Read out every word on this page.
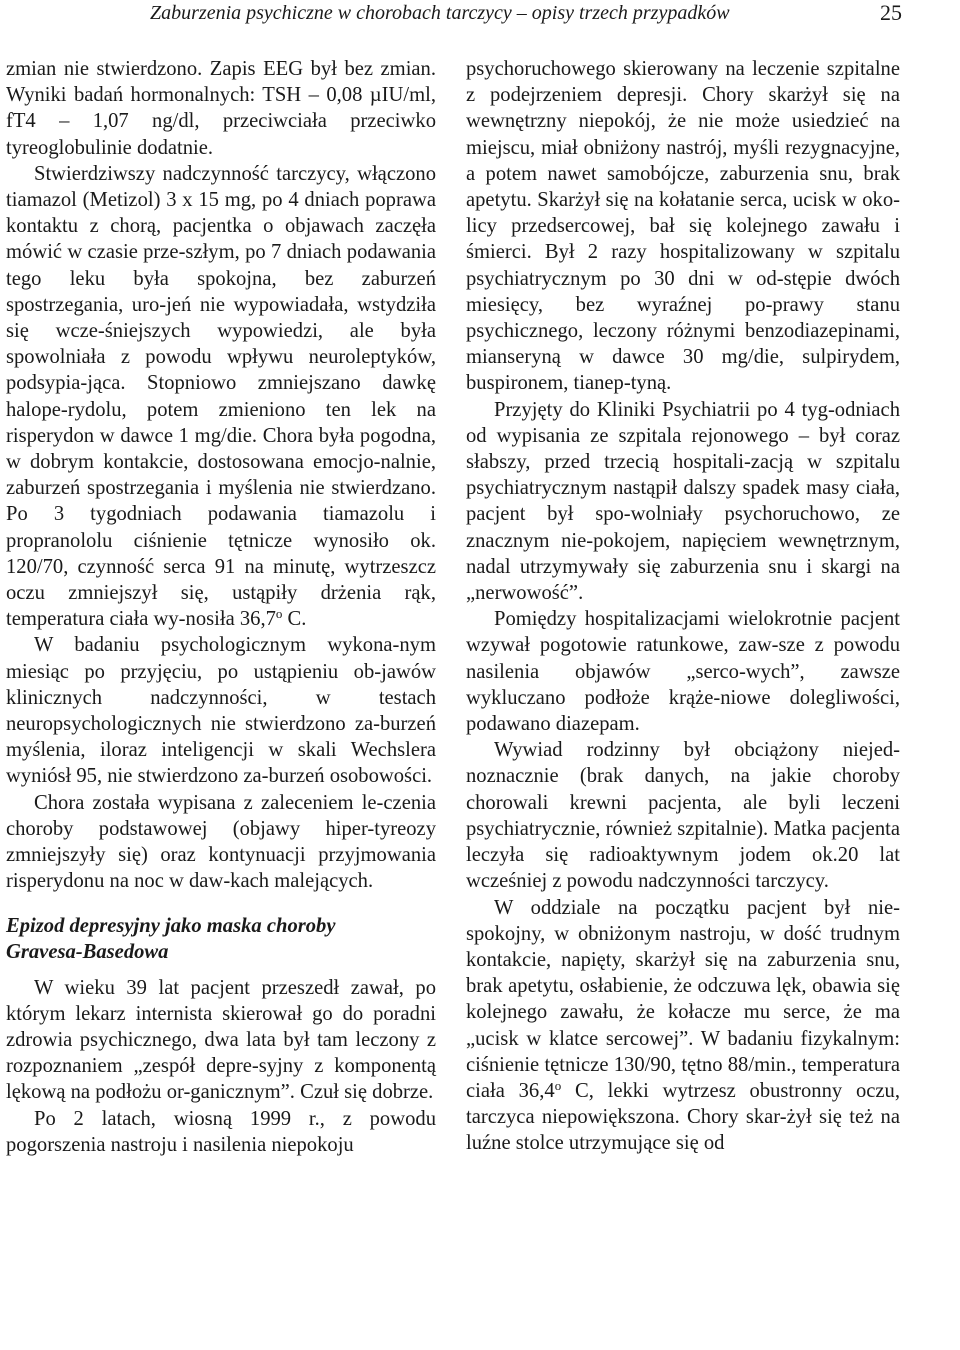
Zaburzenia psychiczne w chorobach tarczycy – opisy trzech przypadków	25

zmian nie stwierdzono. Zapis EEG był bez zmian. Wyniki badań hormonalnych: TSH – 0,08 µIU/ml, fT4 – 1,07 ng/dl, przeciwciała przeciwko tyreoglobulinie dodatnie.

Stwierdziwszy nadczynność tarczycy, włączono tiamazol (Metizol) 3 x 15 mg, po 4 dniach poprawa kontaktu z chorą, pacjentka o objawach zaczęła mówić w czasie prze-szłym, po 7 dniach podawania tego leku była spokojna, bez zaburzeń spostrzegania, uro-jeń nie wypowiadała, wstydziła się wcze-śniejszych wypowiedzi, ale była spowolniała z powodu wpływu neuroleptyków, podsypia-jąca. Stopniowo zmniejszano dawkę halope-rydolu, potem zmieniono ten lek na risperydon w dawce 1 mg/die. Chora była pogodna, w dobrym kontakcie, dostosowana emocjo-nalnie, zaburzeń spostrzegania i myślenia nie stwierdzano. Po 3 tygodniach podawania tiamazolu i propranololu ciśnienie tętnicze wynosiło ok. 120/70, czynność serca 91 na minutę, wytrzeszcz oczu zmniejszył się, ustąpiły drżenia rąk, temperatura ciała wy-nosiła 36,7$^o$ C.

W badaniu psychologicznym wykona-nym miesiąc po przyjęciu, po ustąpieniu ob-jawów klinicznych nadczynności, w testach neuropsychologicznych nie stwierdzono za-burzeń myślenia, iloraz inteligencji w skali Wechslera wyniósł 95, nie stwierdzono za-burzeń osobowości.

Chora została wypisana z zaleceniem le-czenia choroby podstawowej (objawy hiper-tyreozy zmniejszyły się) oraz kontynuacji przyjmowania risperydonu na noc w daw-kach malejących.

Epizod depresyjny jako maska choroby
Gravesa-Basedowa

W wieku 39 lat pacjent przeszedł zawał, po którym lekarz internista skierował go do poradni zdrowia psychicznego, dwa lata był tam leczony z rozpoznaniem „zespół depre-syjny z komponentą lękową na podłożu or-ganicznym”. Czuł się dobrze.

Po 2 latach, wiosną 1999 r., z powodu pogorszenia nastroju i nasilenia niepokoju

psychoruchowego skierowany na leczenie szpitalne z podejrzeniem depresji. Chory skarżył się na wewnętrzny niepokój, że nie może usiedzieć na miejscu, miał obniżony nastrój, myśli rezygnacyjne, a potem nawet samobójcze, zaburzenia snu, brak apetytu. Skarżył się na kołatanie serca, ucisk w oko-licy przedsercowej, bał się kolejnego zawału i śmierci. Był 2 razy hospitalizowany w szpitalu psychiatrycznym po 30 dni w od-stępie dwóch miesięcy, bez wyraźnej po-prawy stanu psychicznego, leczony różnymi benzodiazepinami, mianseryną w dawce 30 mg/die, sulpirydem, buspironem, tianep-tyną.

Przyjęty do Kliniki Psychiatrii po 4 tyg-odniach od wypisania ze szpitala rejonowego – był coraz słabszy, przed trzecią hospitali-zacją w szpitalu psychiatrycznym nastąpił dalszy spadek masy ciała, pacjent był spo-wolniały psychoruchowo, ze znacznym nie-pokojem, napięciem wewnętrznym, nadal utrzymywały się zaburzenia snu i skargi na „nerwowość”.

Pomiędzy hospitalizacjami wielokrotnie pacjent wzywał pogotowie ratunkowe, zaw-sze z powodu nasilenia objawów „serco-wych”, zawsze wykluczano podłoże krąże-niowe dolegliwości, podawano diazepam.

Wywiad rodzinny był obciążony niejed-noznacznie (brak danych, na jakie choroby chorowali krewni pacjenta, ale byli leczeni psychiatrycznie, również szpitalnie). Matka pacjenta leczyła się radioaktywnym jodem ok.20 lat wcześniej z powodu nadczynności tarczycy.

W oddziale na początku pacjent był nie-spokojny, w obniżonym nastroju, w dość trudnym kontakcie, napięty, skarżył się na zaburzenia snu, brak apetytu, osłabienie, że odczuwa lęk, obawia się kolejnego zawału, że kołacze mu serce, że ma „ucisk w klatce sercowej”. W badaniu fizykalnym: ciśnienie tętnicze 130/90, tętno 88/min., temperatura ciała 36,4$^o$ C, lekki wytrzesz obustronny oczu, tarczyca niepowiększona. Chory skar-żył się też na luźne stolce utrzymujące się od
